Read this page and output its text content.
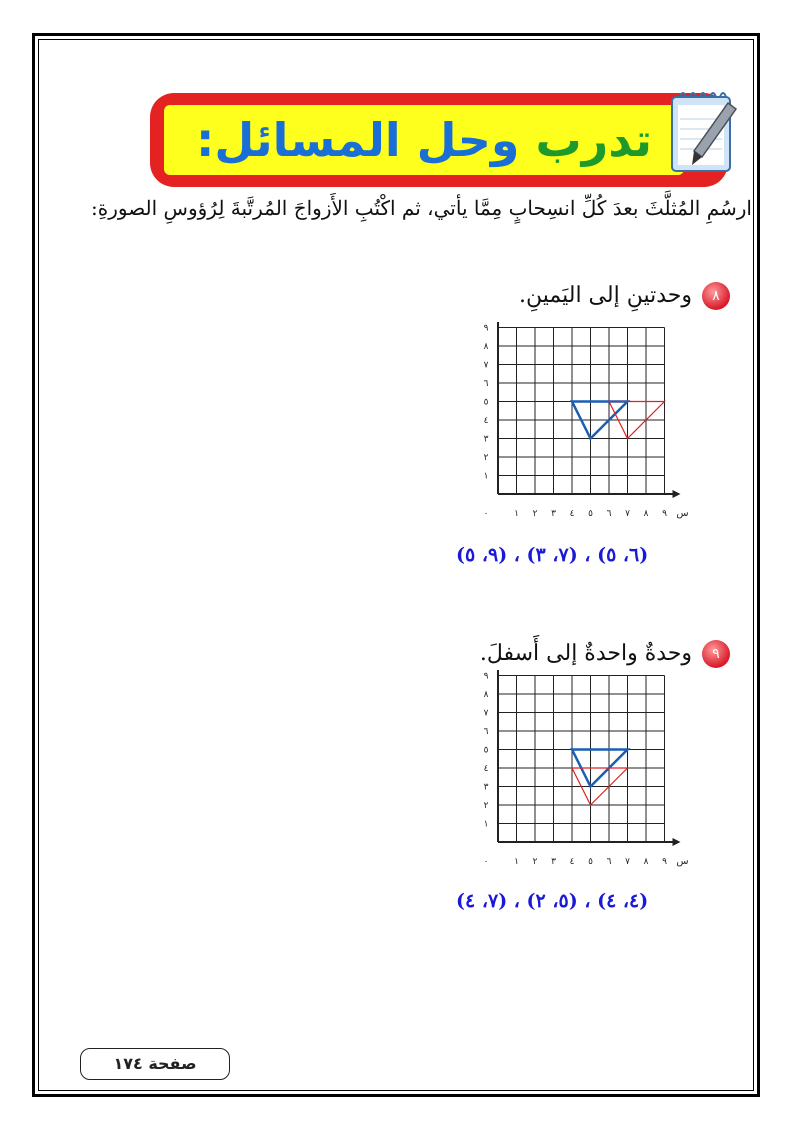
تدرب وحل المسائل:
ارسُمِ المُثلَّثَ بعدَ كُلِّ انسِحابٍ مِمَّا يأتي، ثم اكْتُبِ الأَزواجَ المُرتَّبةَ لِرُؤوسِ الصورةِ:
٨وحدتينِ إلى اليَمينِ.
١ ٢ ٣ ٤ ٥ ٦ ٧ ٨ ٩
١
٢
٣
٤
٥
٦
٧
٨
٩
٠	س
(٦، ٥) ، (٧، ٣) ، (٩، ٥)
٩وحدةٌ واحدةٌ إلى أَسفلَ.
١ ٢ ٣ ٤ ٥ ٦ ٧ ٨ ٩
١
٢
٣
٤
٥
٦
٧
٨
٩
٠	س
(٤، ٤) ، (٥، ٢) ، (٧، ٤)
صفحة ١٧٤
